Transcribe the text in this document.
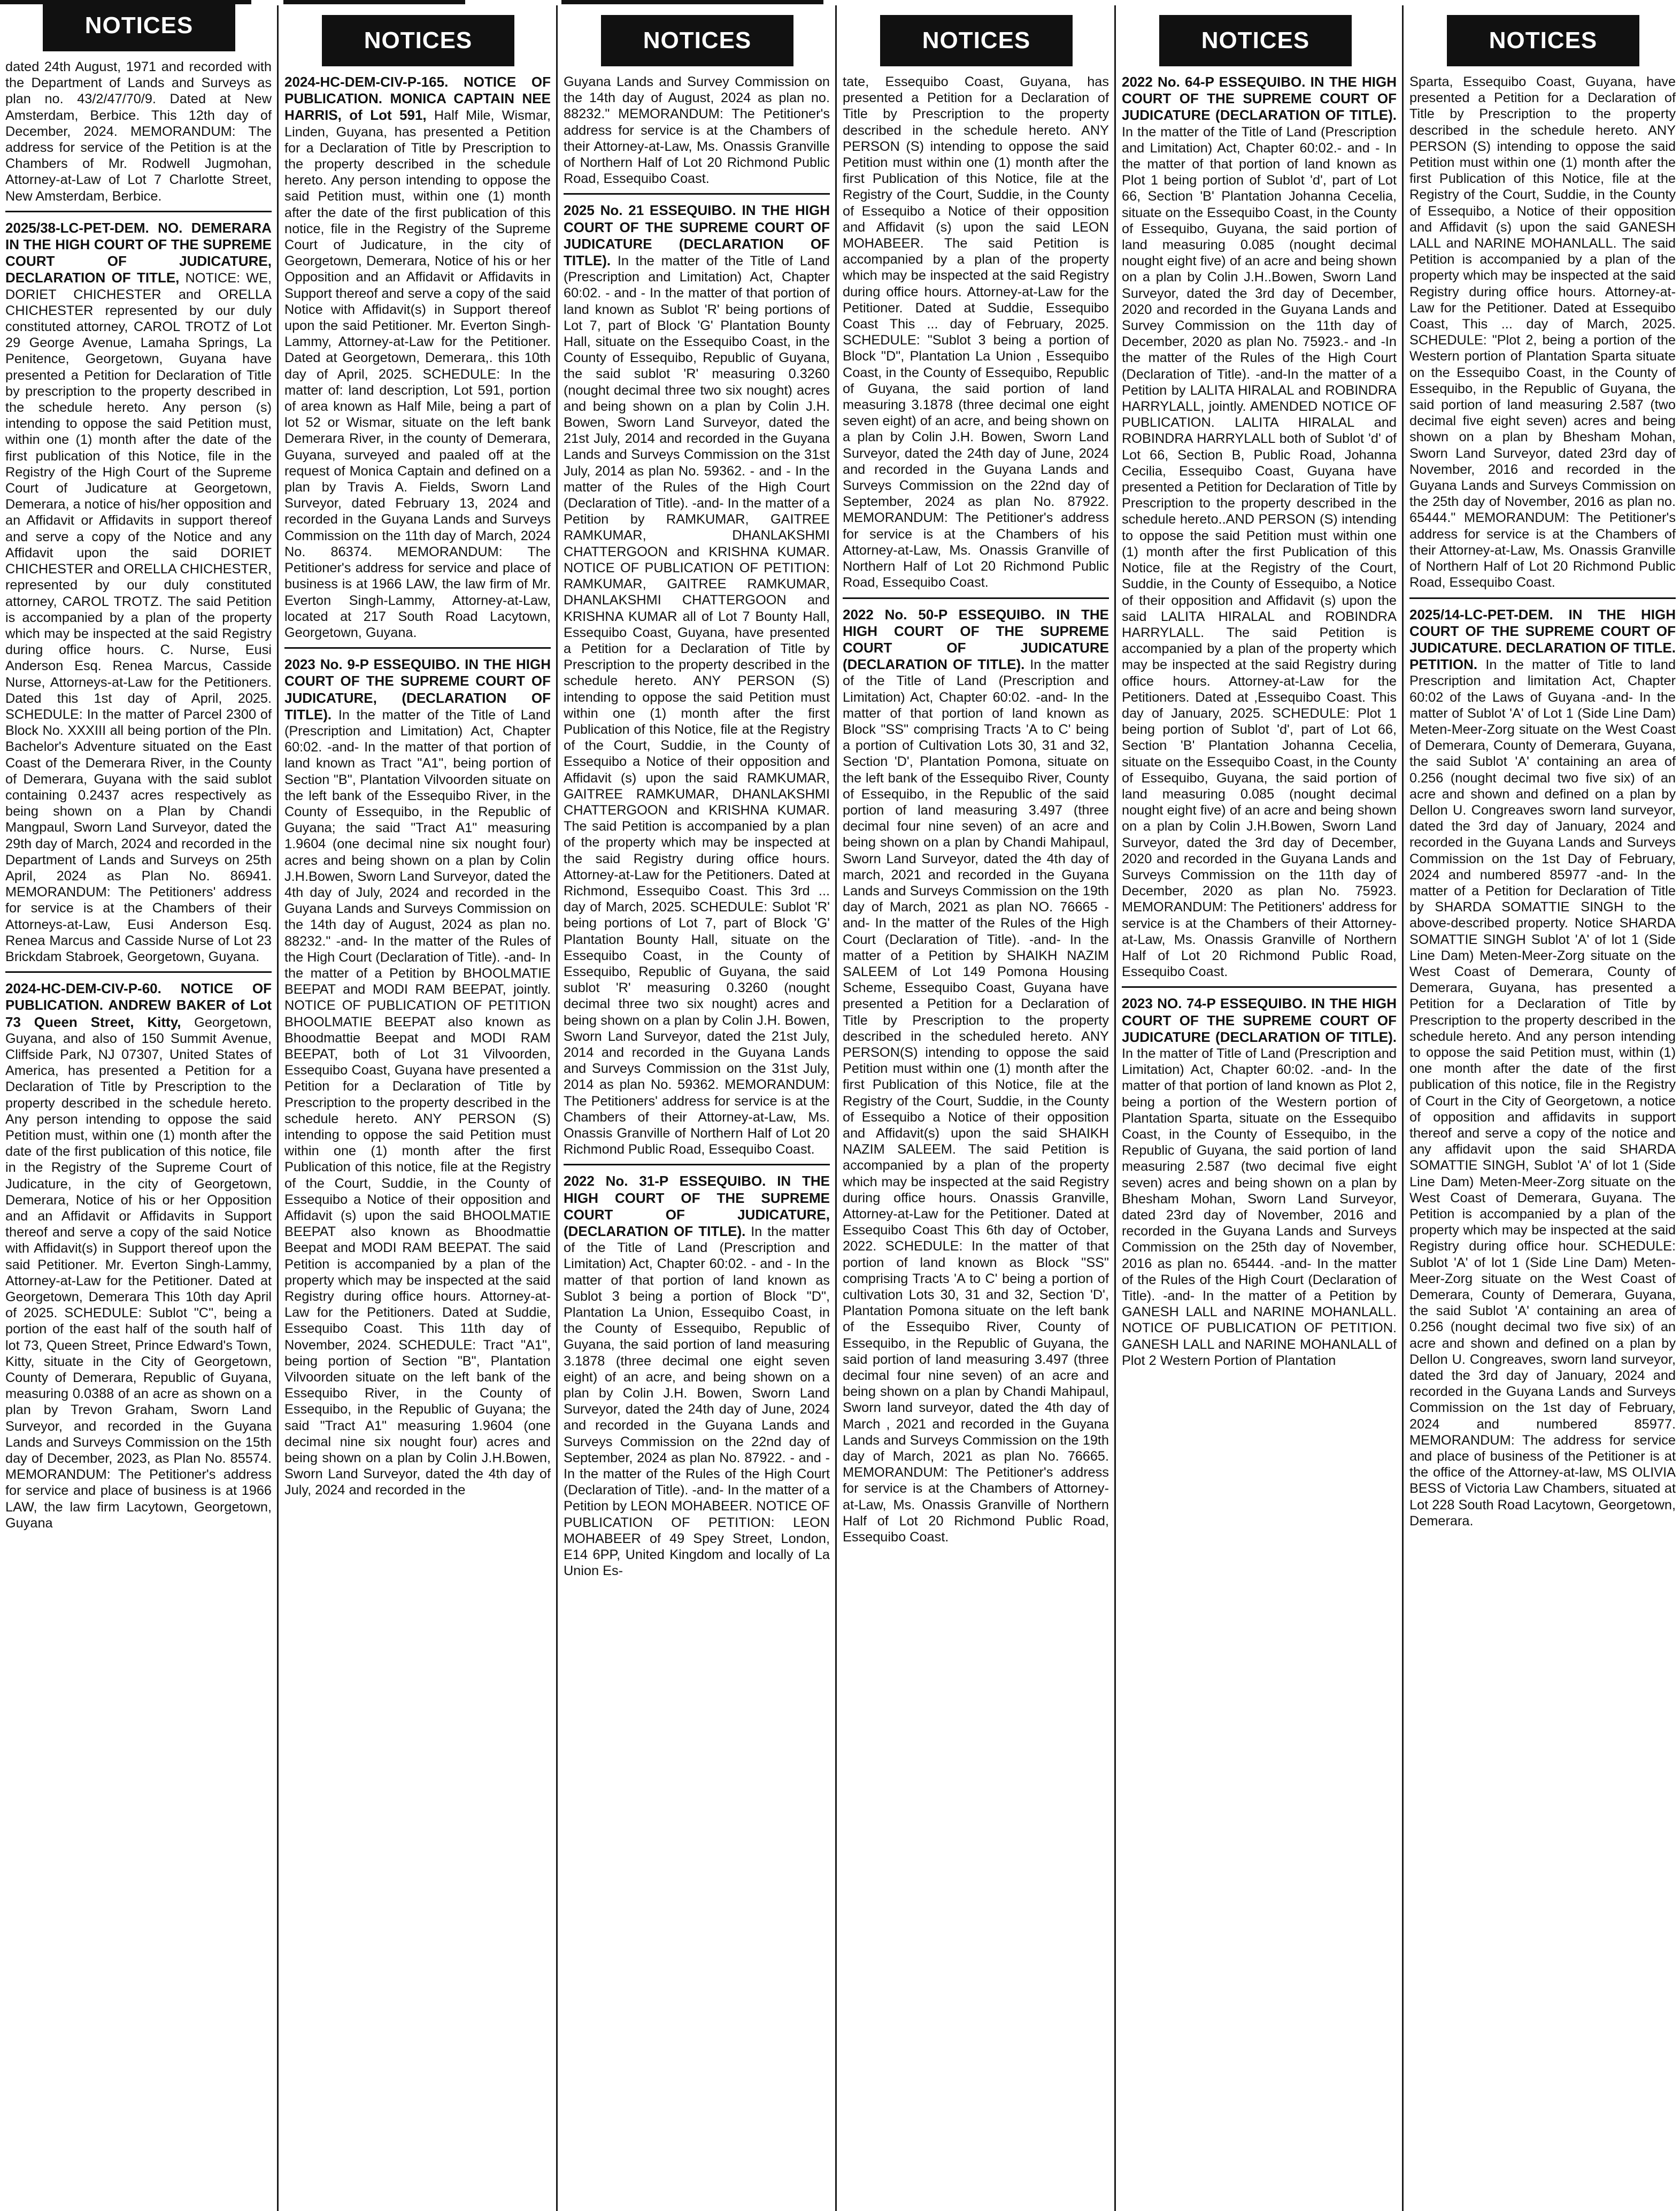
NOTICES
dated 24th August, 1971 and recorded with the Department of Lands and Surveys as plan no. 43/2/47/70/9. Dated at New Amsterdam, Berbice. This 12th day of December, 2024. MEMORANDUM: The address for service of the Petition is at the Chambers of Mr. Rodwell Jugmohan, Attorney-at-Law of Lot 7 Charlotte Street, New Amsterdam, Berbice.
2025/38-LC-PET-DEM. NO. DEMERARA IN THE HIGH COURT OF THE SUPREME COURT OF JUDICATURE, DECLARATION OF TITLE, NOTICE: WE, DORIET CHICHESTER and ORELLA CHICHESTER represented by our duly constituted attorney, CAROL TROTZ of Lot 29 George Avenue, Lamaha Springs, La Penitence, Georgetown, Guyana have presented a Petition for Declaration of Title by prescription to the property described in the schedule hereto. Any person (s) intending to oppose the said Petition must, within one (1) month after the date of the first publication of this Notice, file in the Registry of the High Court of the Supreme Court of Judicature at Georgetown, Demerara, a notice of his/her opposition and an Affidavit or Affidavits in support thereof and serve a copy of the Notice and any Affidavit upon the said DORIET CHICHESTER and ORELLA CHICHESTER, represented by our duly constituted attorney, CAROL TROTZ. The said Petition is accompanied by a plan of the property which may be inspected at the said Registry during office hours. C. Nurse, Eusi Anderson Esq. Renea Marcus, Casside Nurse, Attorneys-at-Law for the Petitioners. Dated this 1st day of April, 2025. SCHEDULE: In the matter of Parcel 2300 of Block No. XXXIII all being portion of the Pln. Bachelor's Adventure situated on the East Coast of the Demerara River, in the County of Demerara, Guyana with the said sublot containing 0.2437 acres respectively as being shown on a Plan by Chandi Mangpaul, Sworn Land Surveyor, dated the 29th day of March, 2024 and recorded in the Department of Lands and Surveys on 25th April, 2024 as Plan No. 86941. MEMORANDUM: The Petitioners' address for service is at the Chambers of their Attorneys-at-Law, Eusi Anderson Esq. Renea Marcus and Casside Nurse of Lot 23 Brickdam Stabroek, Georgetown, Guyana.
2024-HC-DEM-CIV-P-60. NOTICE OF PUBLICATION. ANDREW BAKER of Lot 73 Queen Street, Kitty, Georgetown, Guyana, and also of 150 Summit Avenue, Cliffside Park, NJ 07307, United States of America, has presented a Petition for a Declaration of Title by Prescription to the property described in the schedule hereto. Any person intending to oppose the said Petition must, within one (1) month after the date of the first publication of this notice, file in the Registry of the Supreme Court of Judicature, in the city of Georgetown, Demerara, Notice of his or her Opposition and an Affidavit or Affidavits in Support thereof and serve a copy of the said Notice with Affidavit(s) in Support thereof upon the said Petitioner. Mr. Everton Singh-Lammy, Attorney-at-Law for the Petitioner. Dated at Georgetown, Demerara This 10th day April of 2025. SCHEDULE: Sublot "C", being a portion of the east half of the south half of lot 73, Queen Street, Prince Edward's Town, Kitty, situate in the City of Georgetown, County of Demerara, Republic of Guyana, measuring 0.0388 of an acre as shown on a plan by Trevon Graham, Sworn Land Surveyor, and recorded in the Guyana Lands and Surveys Commission on the 15th day of December, 2023, as Plan No. 85574. MEMORANDUM: The Petitioner's address for service and place of business is at 1966 LAW, the law firm Lacytown, Georgetown, Guyana
NOTICES
2024-HC-DEM-CIV-P-165. NOTICE OF PUBLICATION. MONICA CAPTAIN NEE HARRIS, of Lot 591, Half Mile, Wismar, Linden, Guyana, has presented a Petition for a Declaration of Title by Prescription to the property described in the schedule hereto. Any person intending to oppose the said Petition must, within one (1) month after the date of the first publication of this notice, file in the Registry of the Supreme Court of Judicature, in the city of Georgetown, Demerara, Notice of his or her Opposition and an Affidavit or Affidavits in Support thereof and serve a copy of the said Notice with Affidavit(s) in Support thereof upon the said Petitioner. Mr. Everton Singh-Lammy, Attorney-at-Law for the Petitioner. Dated at Georgetown, Demerara,. this 10th day of April, 2025. SCHEDULE: In the matter of: land description, Lot 591, portion of area known as Half Mile, being a part of lot 52 or Wismar, situate on the left bank Demerara River, in the county of Demerara, Guyana, surveyed and paaled off at the request of Monica Captain and defined on a plan by Travis A. Fields, Sworn Land Surveyor, dated February 13, 2024 and recorded in the Guyana Lands and Surveys Commission on the 11th day of March, 2024 No. 86374. MEMORANDUM: The Petitioner's address for service and place of business is at 1966 LAW, the law firm of Mr. Everton Singh-Lammy, Attorney-at-Law, located at 217 South Road Lacytown, Georgetown, Guyana.
2023 No. 9-P ESSEQUIBO. IN THE HIGH COURT OF THE SUPREME COURT OF JUDICATURE, (DECLARATION OF TITLE). In the matter of the Title of Land (Prescription and Limitation) Act, Chapter 60:02. -and- In the matter of that portion of land known as Tract "A1", being portion of Section "B", Plantation Vilvoorden situate on the left bank of the Essequibo River, in the County of Essequibo, in the Republic of Guyana; the said "Tract A1" measuring 1.9604 (one decimal nine six nought four) acres and being shown on a plan by Colin J.H.Bowen, Sworn Land Surveyor, dated the 4th day of July, 2024 and recorded in the Guyana Lands and Surveys Commission on the 14th day of August, 2024 as plan no. 88232." -and- In the matter of the Rules of the High Court (Declaration of Title). -and- In the matter of a Petition by BHOOLMATIE BEEPAT and MODI RAM BEEPAT, jointly. NOTICE OF PUBLICATION OF PETITION BHOOLMATIE BEEPAT also known as Bhoodmattie Beepat and MODI RAM BEEPAT, both of Lot 31 Vilvoorden, Essequibo Coast, Guyana have presented a Petition for a Declaration of Title by Prescription to the property described in the schedule hereto. ANY PERSON (S) intending to oppose the said Petition must within one (1) month after the first Publication of this notice, file at the Registry of the Court, Suddie, in the County of Essequibo a Notice of their opposition and Affidavit (s) upon the said BHOOLMATIE BEEPAT also known as Bhoodmattie Beepat and MODI RAM BEEPAT. The said Petition is accompanied by a plan of the property which may be inspected at the said Registry during office hours. Attorney-at-Law for the Petitioners. Dated at Suddie, Essequibo Coast. This 11th day of November, 2024. SCHEDULE: Tract "A1", being portion of Section "B", Plantation Vilvoorden situate on the left bank of the Essequibo River, in the County of Essequibo, in the Republic of Guyana; the said "Tract A1" measuring 1.9604 (one decimal nine six nought four) acres and being shown on a plan by Colin J.H.Bowen, Sworn Land Surveyor, dated the 4th day of July, 2024 and recorded in the
NOTICES
Guyana Lands and Survey Commission on the 14th day of August, 2024 as plan no. 88232." MEMORANDUM: The Petitioner's address for service is at the Chambers of their Attorney-at-Law, Ms. Onassis Granville of Northern Half of Lot 20 Richmond Public Road, Essequibo Coast.
2025 No. 21 ESSEQUIBO. IN THE HIGH COURT OF THE SUPREME COURT OF JUDICATURE (DECLARATION OF TITLE). In the matter of the Title of Land (Prescription and Limitation) Act, Chapter 60:02. - and - In the matter of that portion of land known as Sublot 'R' being portions of Lot 7, part of Block 'G' Plantation Bounty Hall, situate on the Essequibo Coast, in the County of Essequibo, Republic of Guyana, the said sublot 'R' measuring 0.3260 (nought decimal three two six nought) acres and being shown on a plan by Colin J.H. Bowen, Sworn Land Surveyor, dated the 21st July, 2014 and recorded in the Guyana Lands and Surveys Commission on the 31st July, 2014 as plan No. 59362. - and - In the matter of the Rules of the High Court (Declaration of Title). -and- In the matter of a Petition by RAMKUMAR, GAITREE RAMKUMAR, DHANLAKSHMI CHATTERGOON and KRISHNA KUMAR. NOTICE OF PUBLICATION OF PETITION: RAMKUMAR, GAITREE RAMKUMAR, DHANLAKSHMI CHATTERGOON and KRISHNA KUMAR all of Lot 7 Bounty Hall, Essequibo Coast, Guyana, have presented a Petition for a Declaration of Title by Prescription to the property described in the schedule hereto. ANY PERSON (S) intending to oppose the said Petition must within one (1) month after the first Publication of this Notice, file at the Registry of the Court, Suddie, in the County of Essequibo a Notice of their opposition and Affidavit (s) upon the said RAMKUMAR, GAITREE RAMKUMAR, DHANLAKSHMI CHATTERGOON and KRISHNA KUMAR. The said Petition is accompanied by a plan of the property which may be inspected at the said Registry during office hours. Attorney-at-Law for the Petitioners. Dated at Richmond, Essequibo Coast. This 3rd ... day of March, 2025. SCHEDULE: Sublot 'R' being portions of Lot 7, part of Block 'G' Plantation Bounty Hall, situate on the Essequibo Coast, in the County of Essequibo, Republic of Guyana, the said sublot 'R' measuring 0.3260 (nought decimal three two six nought) acres and being shown on a plan by Colin J.H. Bowen, Sworn Land Surveyor, dated the 21st July, 2014 and recorded in the Guyana Lands and Surveys Commission on the 31st July, 2014 as plan No. 59362. MEMORANDUM: The Petitioners' address for service is at the Chambers of their Attorney-at-Law, Ms. Onassis Granville of Northern Half of Lot 20 Richmond Public Road, Essequibo Coast.
2022 No. 31-P ESSEQUIBO. IN THE HIGH COURT OF THE SUPREME COURT OF JUDICATURE, (DECLARATION OF TITLE). In the matter of the Title of Land (Prescription and Limitation) Act, Chapter 60:02. - and - In the matter of that portion of land known as Sublot 3 being a portion of Block "D", Plantation La Union, Essequibo Coast, in the County of Essequibo, Republic of Guyana, the said portion of land measuring 3.1878 (three decimal one eight seven eight) of an acre, and being shown on a plan by Colin J.H. Bowen, Sworn Land Surveyor, dated the 24th day of June, 2024 and recorded in the Guyana Lands and Surveys Commission on the 22nd day of September, 2024 as plan No. 87922. - and - In the matter of the Rules of the High Court (Declaration of Title). -and- In the matter of a Petition by LEON MOHABEER. NOTICE OF PUBLICATION OF PETITION: LEON MOHABEER of 49 Spey Street, London, E14 6PP, United Kingdom and locally of La Union Es-
NOTICES
tate, Essequibo Coast, Guyana, has presented a Petition for a Declaration of Title by Prescription to the property described in the schedule hereto. ANY PERSON (S) intending to oppose the said Petition must within one (1) month after the first Publication of this Notice, file at the Registry of the Court, Suddie, in the County of Essequibo a Notice of their opposition and Affidavit (s) upon the said LEON MOHABEER. The said Petition is accompanied by a plan of the property which may be inspected at the said Registry during office hours. Attorney-at-Law for the Petitioner. Dated at Suddie, Essequibo Coast This ... day of February, 2025. SCHEDULE: "Sublot 3 being a portion of Block "D", Plantation La Union , Essequibo Coast, in the County of Essequibo, Republic of Guyana, the said portion of land measuring 3.1878 (three decimal one eight seven eight) of an acre, and being shown on a plan by Colin J.H. Bowen, Sworn Land Surveyor, dated the 24th day of June, 2024 and recorded in the Guyana Lands and Surveys Commission on the 22nd day of September, 2024 as plan No. 87922. MEMORANDUM: The Petitioner's address for service is at the Chambers of his Attorney-at-Law, Ms. Onassis Granville of Northern Half of Lot 20 Richmond Public Road, Essequibo Coast.
2022 No. 50-P ESSEQUIBO. IN THE HIGH COURT OF THE SUPREME COURT OF JUDICATURE (DECLARATION OF TITLE). In the matter of the Title of Land (Prescription and Limitation) Act, Chapter 60:02. -and- In the matter of that portion of land known as Block "SS" comprising Tracts 'A to C' being a portion of Cultivation Lots 30, 31 and 32, Section 'D', Plantation Pomona, situate on the left bank of the Essequibo River, County of Essequibo, in the Republic of the said portion of land measuring 3.497 (three decimal four nine seven) of an acre and being shown on a plan by Chandi Mahipaul, Sworn Land Surveyor, dated the 4th day of march, 2021 and recorded in the Guyana Lands and Surveys Commission on the 19th day of March, 2021 as plan NO. 76665 -and- In the matter of the Rules of the High Court (Declaration of Title). -and- In the matter of a Petition by SHAIKH NAZIM SALEEM of Lot 149 Pomona Housing Scheme, Essequibo Coast, Guyana have presented a Petition for a Declaration of Title by Prescription to the property described in the scheduled hereto. ANY PERSON(S) intending to oppose the said Petition must within one (1) month after the first Publication of this Notice, file at the Registry of the Court, Suddie, in the County of Essequibo a Notice of their opposition and Affidavit(s) upon the said SHAIKH NAZIM SALEEM. The said Petition is accompanied by a plan of the property which may be inspected at the said Registry during office hours. Onassis Granville, Attorney-at-Law for the Petitioner. Dated at Essequibo Coast This 6th day of October, 2022. SCHEDULE: In the matter of that portion of land known as Block "SS" comprising Tracts 'A to C' being a portion of cultivation Lots 30, 31 and 32, Section 'D', Plantation Pomona situate on the left bank of the Essequibo River, County of Essequibo, in the Republic of Guyana, the said portion of land measuring 3.497 (three decimal four nine seven) of an acre and being shown on a plan by Chandi Mahipaul, Sworn land surveyor, dated the 4th day of March , 2021 and recorded in the Guyana Lands and Surveys Commission on the 19th day of March, 2021 as plan No. 76665. MEMORANDUM: The Petitioner's address for service is at the Chambers of Attorney-at-Law, Ms. Onassis Granville of Northern Half of Lot 20 Richmond Public Road, Essequibo Coast.
NOTICES
2022 No. 64-P ESSEQUIBO. IN THE HIGH COURT OF THE SUPREME COURT OF JUDICATURE (DECLARATION OF TITLE). In the matter of the Title of Land (Prescription and Limitation) Act, Chapter 60:02.- and - In the matter of that portion of land known as Plot 1 being portion of Sublot 'd', part of Lot 66, Section 'B' Plantation Johanna Cecelia, situate on the Essequibo Coast, in the County of Essequibo, Guyana, the said portion of land measuring 0.085 (nought decimal nought eight five) of an acre and being shown on a plan by Colin J.H..Bowen, Sworn Land Surveyor, dated the 3rd day of December, 2020 and recorded in the Guyana Lands and Survey Commission on the 11th day of December, 2020 as plan No. 75923.- and -In the matter of the Rules of the High Court (Declaration of Title). -and-In the matter of a Petition by LALITA HIRALAL and ROBINDRA HARRYLALL, jointly. AMENDED NOTICE OF PUBLICATION. LALITA HIRALAL and ROBINDRA HARRYLALL both of Sublot 'd' of Lot 66, Section B, Public Road, Johanna Cecilia, Essequibo Coast, Guyana have presented a Petition for Declaration of Title by Prescription to the property described in the schedule hereto..AND PERSON (S) intending to oppose the said Petition must within one (1) month after the first Publication of this Notice, file at the Registry of the Court, Suddie, in the County of Essequibo, a Notice of their opposition and Affidavit (s) upon the said LALITA HIRALAL and ROBINDRA HARRYLALL. The said Petition is accompanied by a plan of the property which may be inspected at the said Registry during office hours. Attorney-at-Law for the Petitioners. Dated at ,Essequibo Coast. This day of January, 2025. SCHEDULE: Plot 1 being portion of Sublot 'd', part of Lot 66, Section 'B' Plantation Johanna Cecelia, situate on the Essequibo Coast, in the County of Essequibo, Guyana, the said portion of land measuring 0.085 (nought decimal nought eight five) of an acre and being shown on a plan by Colin J.H.Bowen, Sworn Land Surveyor, dated the 3rd day of December, 2020 and recorded in the Guyana Lands and Surveys Commission on the 11th day of December, 2020 as plan No. 75923. MEMORANDUM: The Petitioners' address for service is at the Chambers of their Attorney-at-Law, Ms. Onassis Granville of Northern Half of Lot 20 Richmond Public Road, Essequibo Coast.
2023 NO. 74-P ESSEQUIBO. IN THE HIGH COURT OF THE SUPREME COURT OF JUDICATURE (DECLARATION OF TITLE). In the matter of Title of Land (Prescription and Limitation) Act, Chapter 60:02. -and- In the matter of that portion of land known as Plot 2, being a portion of the Western portion of Plantation Sparta, situate on the Essequibo Coast, in the County of Essequibo, in the Republic of Guyana, the said portion of land measuring 2.587 (two decimal five eight seven) acres and being shown on a plan by Bhesham Mohan, Sworn Land Surveyor, dated 23rd day of November, 2016 and recorded in the Guyana Lands and Surveys Commission on the 25th day of November, 2016 as plan no. 65444. -and- In the matter of the Rules of the High Court (Declaration of Title). -and- In the matter of a Petition by GANESH LALL and NARINE MOHANLALL. NOTICE OF PUBLICATION OF PETITION. GANESH LALL and NARINE MOHANLALL of Plot 2 Western Portion of Plantation
NOTICES
Sparta, Essequibo Coast, Guyana, have presented a Petition for a Declaration of Title by Prescription to the property described in the schedule hereto. ANY PERSON (S) intending to oppose the said Petition must within one (1) month after the first Publication of this Notice, file at the Registry of the Court, Suddie, in the County of Essequibo, a Notice of their opposition and Affidavit (s) upon the said GANESH LALL and NARINE MOHANLALL. The said Petition is accompanied by a plan of the property which may be inspected at the said Registry during office hours. Attorney-at-Law for the Petitioner. Dated at Essequibo Coast, This ... day of March, 2025. SCHEDULE: "Plot 2, being a portion of the Western portion of Plantation Sparta situate on the Essequibo Coast, in the County of Essequibo, in the Republic of Guyana, the said portion of land measuring 2.587 (two decimal five eight seven) acres and being shown on a plan by Bhesham Mohan, Sworn Land Surveyor, dated 23rd day of November, 2016 and recorded in the Guyana Lands and Surveys Commission on the 25th day of November, 2016 as plan no. 65444." MEMORANDUM: The Petitioner's address for service is at the Chambers of their Attorney-at-Law, Ms. Onassis Granville of Northern Half of Lot 20 Richmond Public Road, Essequibo Coast.
2025/14-LC-PET-DEM. IN THE HIGH COURT OF THE SUPREME COURT OF JUDICATURE. DECLARATION OF TITLE. PETITION. In the matter of Title to land Prescription and limitation Act, Chapter 60:02 of the Laws of Guyana -and- In the matter of Sublot 'A' of Lot 1 (Side Line Dam) Meten-Meer-Zorg situate on the West Coast of Demerara, County of Demerara, Guyana, the said Sublot 'A' containing an area of 0.256 (nought decimal two five six) of an acre and shown and defined on a plan by Dellon U. Congreaves sworn land surveyor, dated the 3rd day of January, 2024 and recorded in the Guyana Lands and Surveys Commission on the 1st Day of February, 2024 and numbered 85977 -and- In the matter of a Petition for Declaration of Title by SHARDA SOMATTIE SINGH to the above-described property. Notice SHARDA SOMATTIE SINGH Sublot 'A' of lot 1 (Side Line Dam) Meten-Meer-Zorg situate on the West Coast of Demerara, County of Demerara, Guyana, has presented a Petition for a Declaration of Title by Prescription to the property described in the schedule hereto. And any person intending to oppose the said Petition must, within (1) one month after the date of the first publication of this notice, file in the Registry of Court in the City of Georgetown, a notice of opposition and affidavits in support thereof and serve a copy of the notice and any affidavit upon the said SHARDA SOMATTIE SINGH, Sublot 'A' of lot 1 (Side Line Dam) Meten-Meer-Zorg situate on the West Coast of Demerara, Guyana. The Petition is accompanied by a plan of the property which may be inspected at the said Registry during office hour. SCHEDULE: Sublot 'A' of lot 1 (Side Line Dam) Meten-Meer-Zorg situate on the West Coast of Demerara, County of Demerara, Guyana, the said Sublot 'A' containing an area of 0.256 (nought decimal two five six) of an acre and shown and defined on a plan by Dellon U. Congreaves, sworn land surveyor, dated the 3rd day of January, 2024 and recorded in the Guyana Lands and Surveys Commission on the 1st day of February, 2024 and numbered 85977. MEMORANDUM: The address for service and place of business of the Petitioner is at the office of the Attorney-at-law, MS OLIVIA BESS of Victoria Law Chambers, situated at Lot 228 South Road Lacytown, Georgetown, Demerara.
